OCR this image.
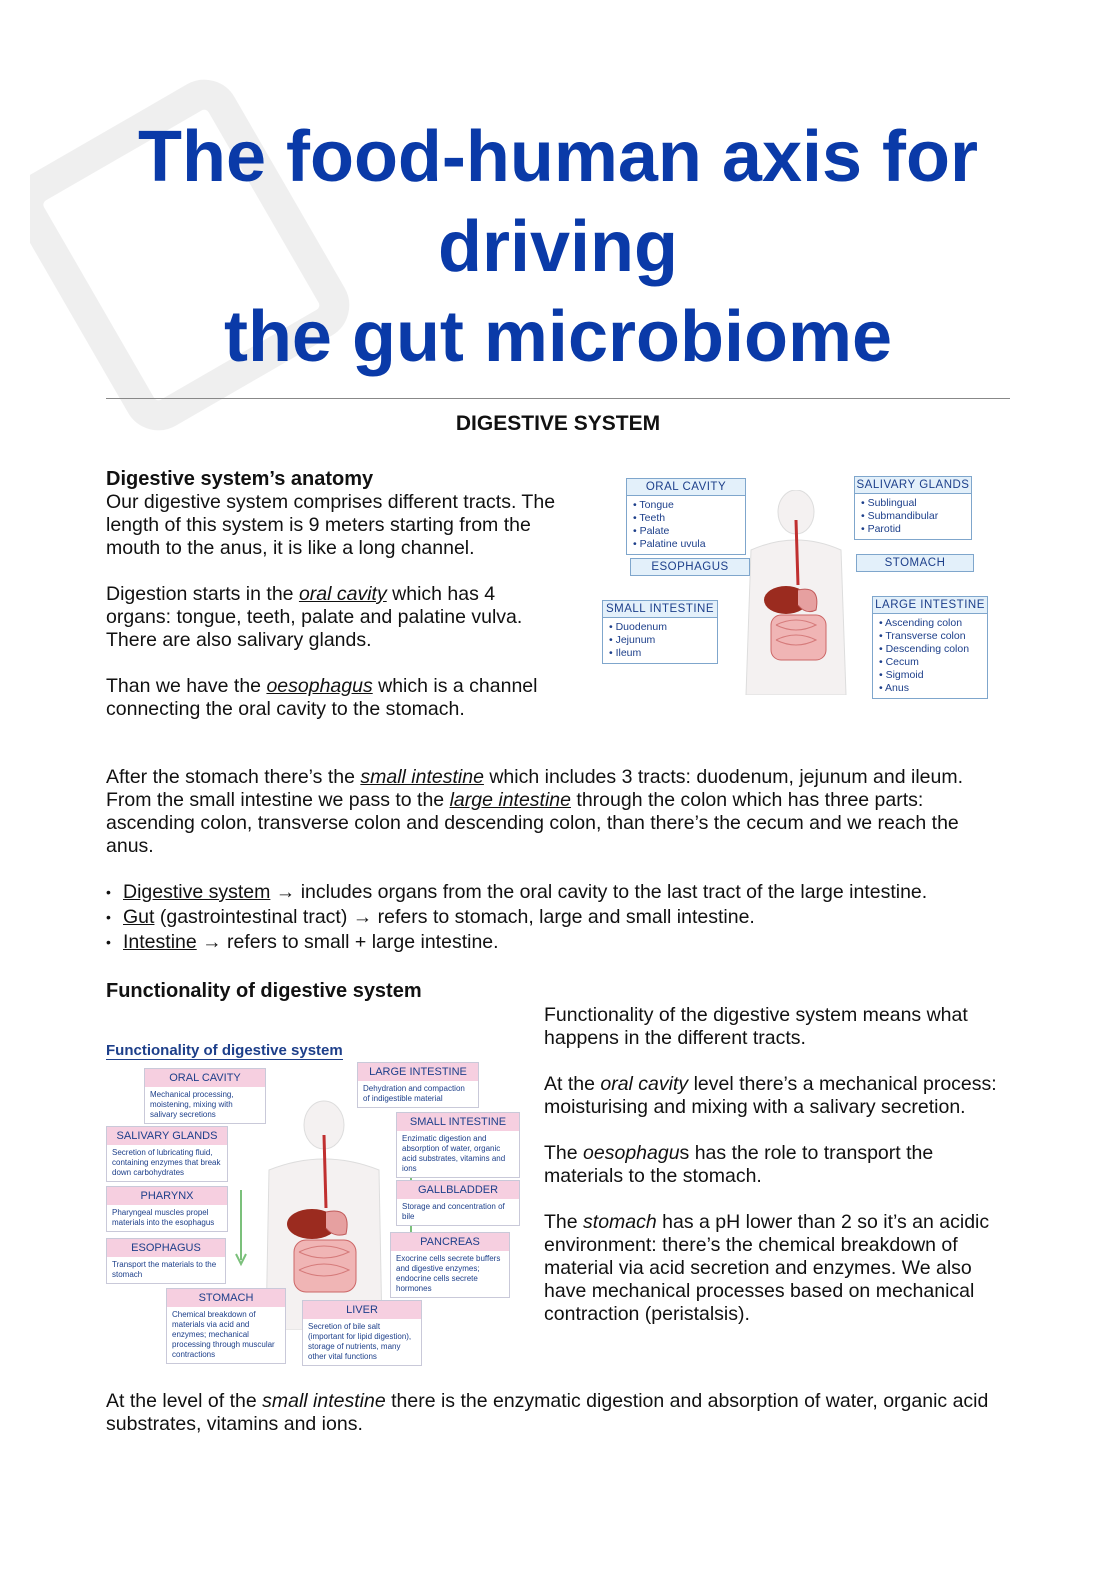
The food-human axis for
driving
the gut microbiome
DIGESTIVE SYSTEM

Digestive system’s anatomy

Our digestive system comprises different tracts. The length of this system is 9 meters starting from the mouth to the anus, it is like a long channel.

Digestion starts in the oral cavity which has 4 organs: tongue, teeth, palate and palatine vulva. There are also salivary glands.

Than we have the oesophagus which is a channel connecting the oral cavity to the stomach.

After the stomach there’s the small intestine which includes 3 tracts: duodenum, jejunum and ileum. From the small intestine we pass to the large intestine through the colon which has three parts: ascending colon, transverse colon and descending colon, than there’s the cecum and we reach the anus.

• Digestive system → includes organs from the oral cavity to the last tract of the large intestine.
• Gut (gastrointestinal tract) → refers to stomach, large and small intestine.
• Intestine → refers to small + large intestine.
ORAL CAVITY
• Tongue
• Teeth
• Palate
• Palatine uvula
SALIVARY GLANDS
• Sublingual
• Submandibular
• Parotid
ESOPHAGUS	STOMACH
SMALL INTESTINE
• Duodenum
• Jejunum
• Ileum
LARGE INTESTINE
• Ascending colon
• Transverse colon
• Descending colon
• Cecum
• Sigmoid
• Anus

Functionality of digestive system

Functionality of digestive system
ORAL CAVITY
Mechanical processing, moistening, mixing with salivary secretions
SALIVARY GLANDS
Secretion of lubricating fluid, containing enzymes that break down carbohydrates
PHARYNX
Pharyngeal muscles propel materials into the esophagus
ESOPHAGUS
Transport the materials to the stomach
STOMACH
Chemical breakdown of materials via acid and enzymes; mechanical processing through muscular contractions
LIVER
Secretion of bile salt (important for lipid digestion), storage of nutrients, many other vital functions
LARGE INTESTINE
Dehydration and compaction of indigestible material
SMALL INTESTINE
Enzimatic digestion and absorption of water, organic acid substrates, vitamins and ions
GALLBLADDER
Storage and concentration of bile
PANCREAS
Exocrine cells secrete buffers and digestive enzymes; endocrine cells secrete hormones

Functionality of the digestive system means what happens in the different tracts.

At the oral cavity level there’s a mechanical process: moisturising and mixing with a salivary secretion.

The oesophagus has the role to transport the materials to the stomach.

The stomach has a pH lower than 2 so it’s an acidic environment: there’s the chemical breakdown of material via acid secretion and enzymes. We also have mechanical processes based on mechanical contraction (peristalsis).

At the level of the small intestine there is the enzymatic digestion and absorption of water, organic acid substrates, vitamins and ions.
